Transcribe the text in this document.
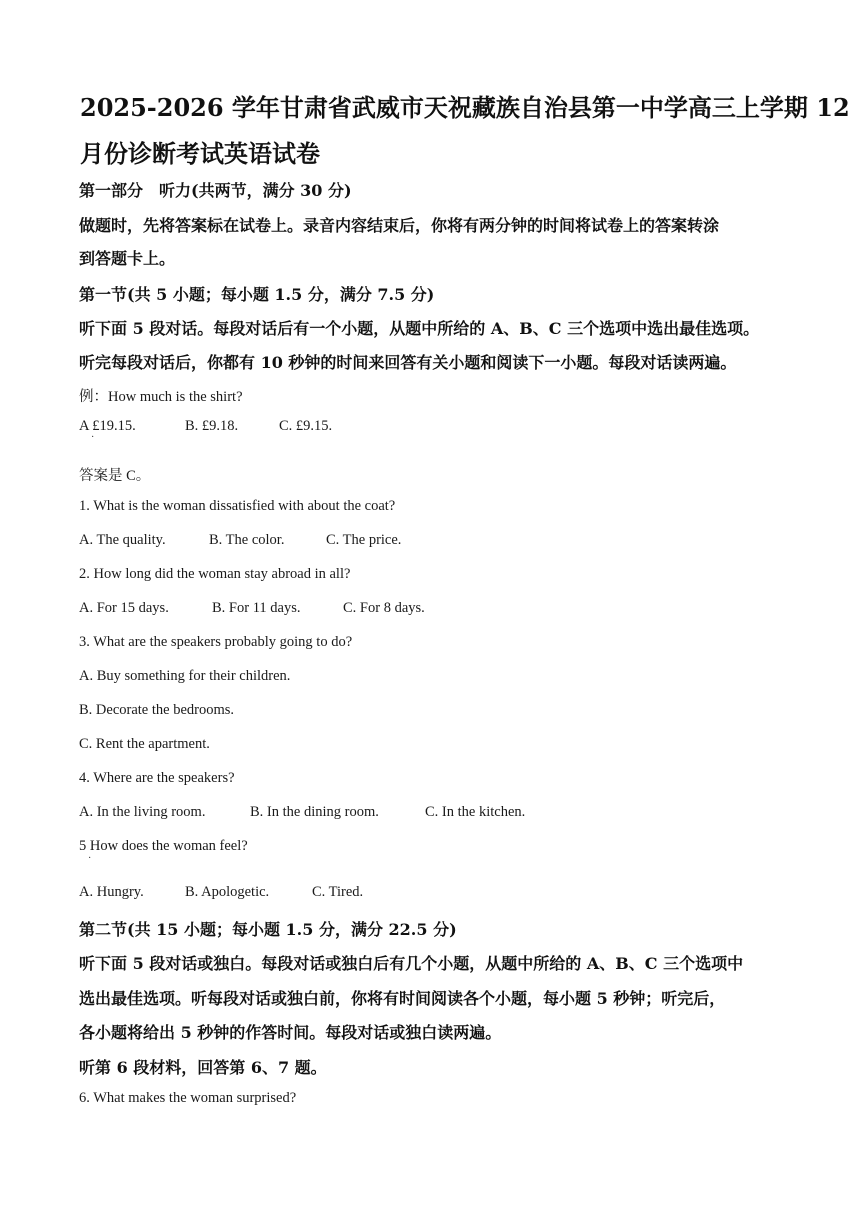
2025-2026 学年甘肃省武威市天祝藏族自治县第一中学高三上学期 12
月份诊断考试英语试卷
第一部分　听力(共两节，满分 30 分)
做题时，先将答案标在试卷上。录音内容结束后，你将有两分钟的时间将试卷上的答案转涂
到答题卡上。
第一节(共 5 小题；每小题 1.5 分，满分 7.5 分)
听下面 5 段对话。每段对话后有一个小题，从题中所给的 A、B、C 三个选项中选出最佳选项。
听完每段对话后，你都有 10 秒钟的时间来回答有关小题和阅读下一小题。每段对话读两遍。
例：How much is the shirt?
A £19.15.	B. £9.18.	C. £9.15.
·
答案是 C。
1. What is the woman dissatisfied with about the coat?
A. The quality.	B. The color.	C. The price.
2. How long did the woman stay abroad in all?
A. For 15 days.	B. For 11 days.	C. For 8 days.
3. What are the speakers probably going to do?
A. Buy something for their children.
B. Decorate the bedrooms.
C. Rent the apartment.
4. Where are the speakers?
A. In the living room.	B. In the dining room.	C. In the kitchen.
5 How does the woman feel?
·
A. Hungry.	B. Apologetic.	C. Tired.
第二节(共 15 小题；每小题 1.5 分，满分 22.5 分)
听下面 5 段对话或独白。每段对话或独白后有几个小题，从题中所给的 A、B、C 三个选项中
选出最佳选项。听每段对话或独白前，你将有时间阅读各个小题，每小题 5 秒钟；听完后，
各小题将给出 5 秒钟的作答时间。每段对话或独白读两遍。
听第 6 段材料，回答第 6、7 题。
6. What makes the woman surprised?
